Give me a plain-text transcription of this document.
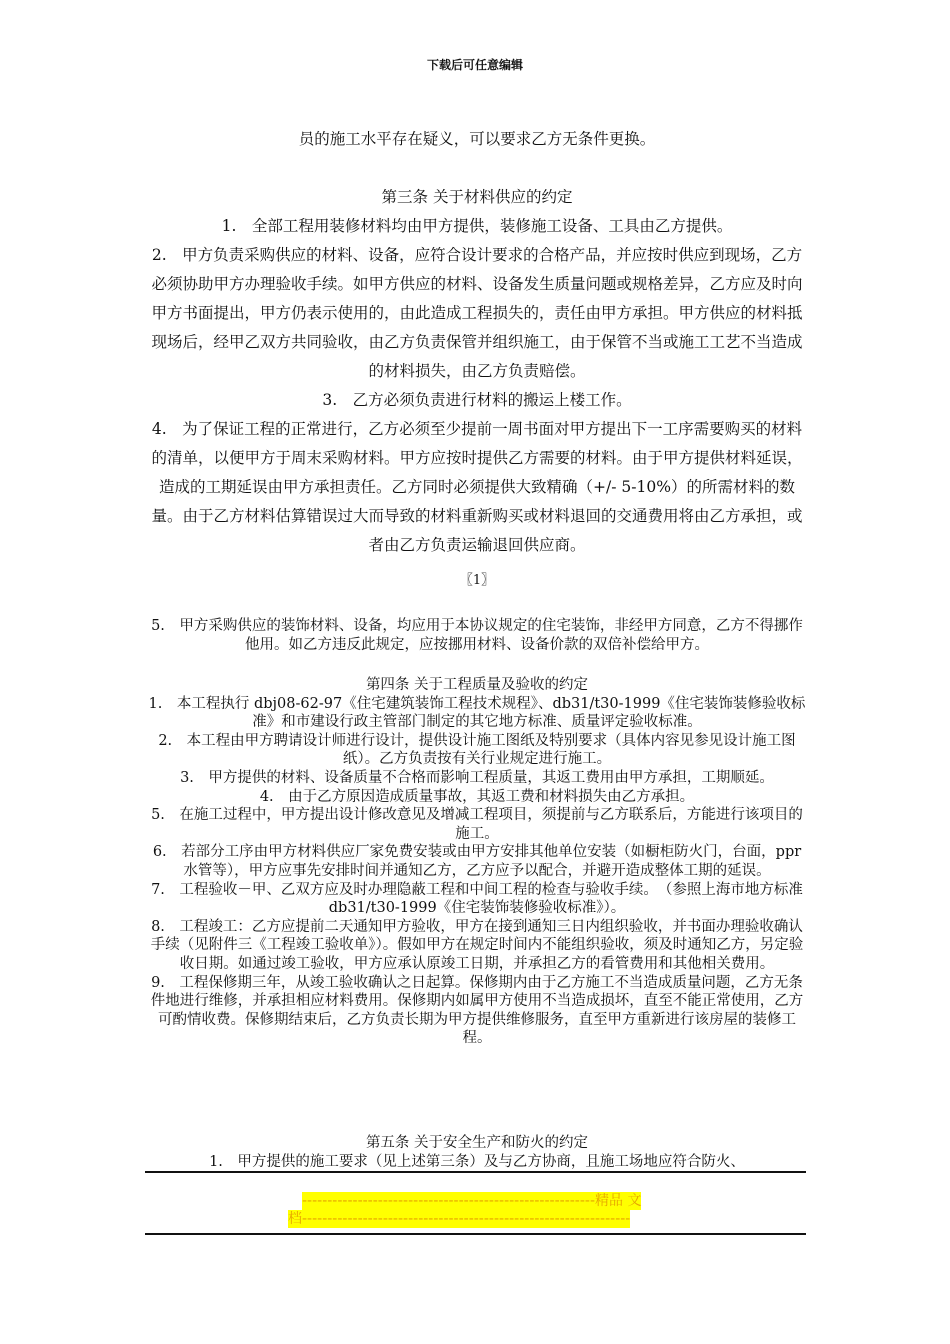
下载后可任意编辑

员的施工水平存在疑义，可以要求乙方无条件更换。

第三条 关于材料供应的约定

1.　全部工程用装修材料均由甲方提供，装修施工设备、工具由乙方提供。

2.　甲方负责采购供应的材料、设备，应符合设计要求的合格产品，并应按时供应到现场，乙方必须协助甲方办理验收手续。如甲方供应的材料、设备发生质量问题或规格差异，乙方应及时向甲方书面提出，甲方仍表示使用的，由此造成工程损失的，责任由甲方承担。甲方供应的材料抵现场后，经甲乙双方共同验收，由乙方负责保管并组织施工，由于保管不当或施工工艺不当造成的材料损失，由乙方负责赔偿。

3.　乙方必须负责进行材料的搬运上楼工作。

4.　为了保证工程的正常进行，乙方必须至少提前一周书面对甲方提出下一工序需要购买的材料的清单，以便甲方于周末采购材料。甲方应按时提供乙方需要的材料。由于甲方提供材料延误，造成的工期延误由甲方承担责任。乙方同时必须提供大致精确（+/- 5-10%）的所需材料的数量。由于乙方材料估算错误过大而导致的材料重新购买或材料退回的交通费用将由乙方承担，或者由乙方负责运输退回供应商。

〖1〗

5.　甲方采购供应的装饰材料、设备，均应用于本协议规定的住宅装饰，非经甲方同意，乙方不得挪作他用。如乙方违反此规定，应按挪用材料、设备价款的双倍补偿给甲方。

第四条 关于工程质量及验收的约定

1.　本工程执行 dbj08-62-97《住宅建筑装饰工程技术规程》、db31/t30-1999《住宅装饰装修验收标准》和市建设行政主管部门制定的其它地方标准、质量评定验收标准。

2.　本工程由甲方聘请设计师进行设计，提供设计施工图纸及特别要求（具体内容见参见设计施工图纸）。乙方负责按有关行业规定进行施工。

3.　甲方提供的材料、设备质量不合格而影响工程质量，其返工费用由甲方承担，工期顺延。

4.　由于乙方原因造成质量事故，其返工费和材料损失由乙方承担。

5.　在施工过程中，甲方提出设计修改意见及增减工程项目，须提前与乙方联系后，方能进行该项目的施工。

6.　若部分工序由甲方材料供应厂家免费安装或由甲方安排其他单位安装（如橱柜防火门，台面，ppr 水管等），甲方应事先安排时间并通知乙方，乙方应予以配合，并避开造成整体工期的延误。

7.　工程验收－甲、乙双方应及时办理隐蔽工程和中间工程的检查与验收手续。　（参照上海市地方标准 db31/t30-1999《住宅装饰装修验收标准》）。

8.　工程竣工：乙方应提前二天通知甲方验收，甲方在接到通知三日内组织验收，并书面办理验收确认手续（见附件三《工程竣工验收单》）。假如甲方在规定时间内不能组织验收，须及时通知乙方，另定验收日期。如通过竣工验收，甲方应承认原竣工日期，并承担乙方的看管费用和其他相关费用。

9.　工程保修期三年，从竣工验收确认之日起算。保修期内由于乙方施工不当造成质量问题，乙方无条件地进行维修，并承担相应材料费用。保修期内如属甲方使用不当造成损坏，直至不能正常使用，乙方可酌情收费。保修期结束后，乙方负责长期为甲方提供维修服务，直至甲方重新进行该房屋的装修工程。

第五条 关于安全生产和防火的约定

1.　甲方提供的施工要求（见上述第三条）及与乙方协商，且施工场地应符合防火、

----------------------------------------------------------精品 文
档-----------------------------------------------------------------
